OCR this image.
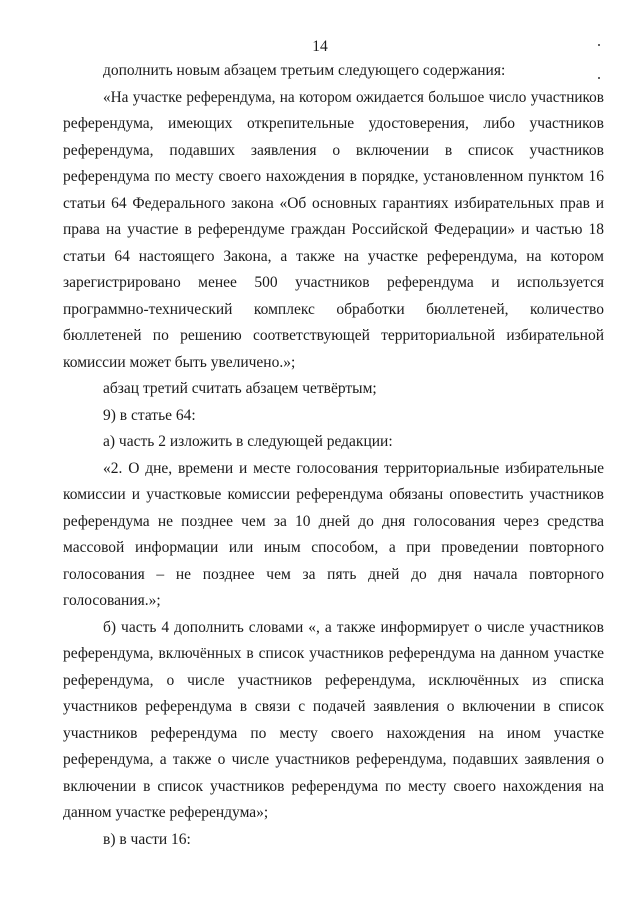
14
дополнить новым абзацем третьим следующего содержания:
«На участке референдума, на котором ожидается большое число участников
референдума, имеющих открепительные удостоверения, либо участников
референдума, подавших заявления о включении в список участников
референдума по месту своего нахождения в порядке, установленном пунктом 16
статьи 64 Федерального закона «Об основных гарантиях избирательных прав и
права на участие в референдуме граждан Российской Федерации» и частью 18
статьи 64 настоящего Закона, а также на участке референдума, на котором
зарегистрировано менее 500 участников референдума и используется
программно-технический комплекс обработки бюллетеней, количество
бюллетеней по решению соответствующей территориальной избирательной
комиссии может быть увеличено.»;
абзац третий считать абзацем четвёртым;
9) в статье 64:
а) часть 2 изложить в следующей редакции:
«2. О дне, времени и месте голосования территориальные избирательные
комиссии и участковые комиссии референдума обязаны оповестить участников
референдума не позднее чем за 10 дней до дня голосования через средства
массовой информации или иным способом, а при проведении повторного
голосования – не позднее чем за пять дней до дня начала повторного
голосования.»;
б) часть 4 дополнить словами «, а также информирует о числе участников
референдума, включённых в список участников референдума на данном участке
референдума, о числе участников референдума, исключённых из списка
участников референдума в связи с подачей заявления о включении в список
участников референдума по месту своего нахождения на ином участке
референдума, а также о числе участников референдума, подавших заявления о
включении в список участников референдума по месту своего нахождения на
данном участке референдума»;
в) в части 16:
